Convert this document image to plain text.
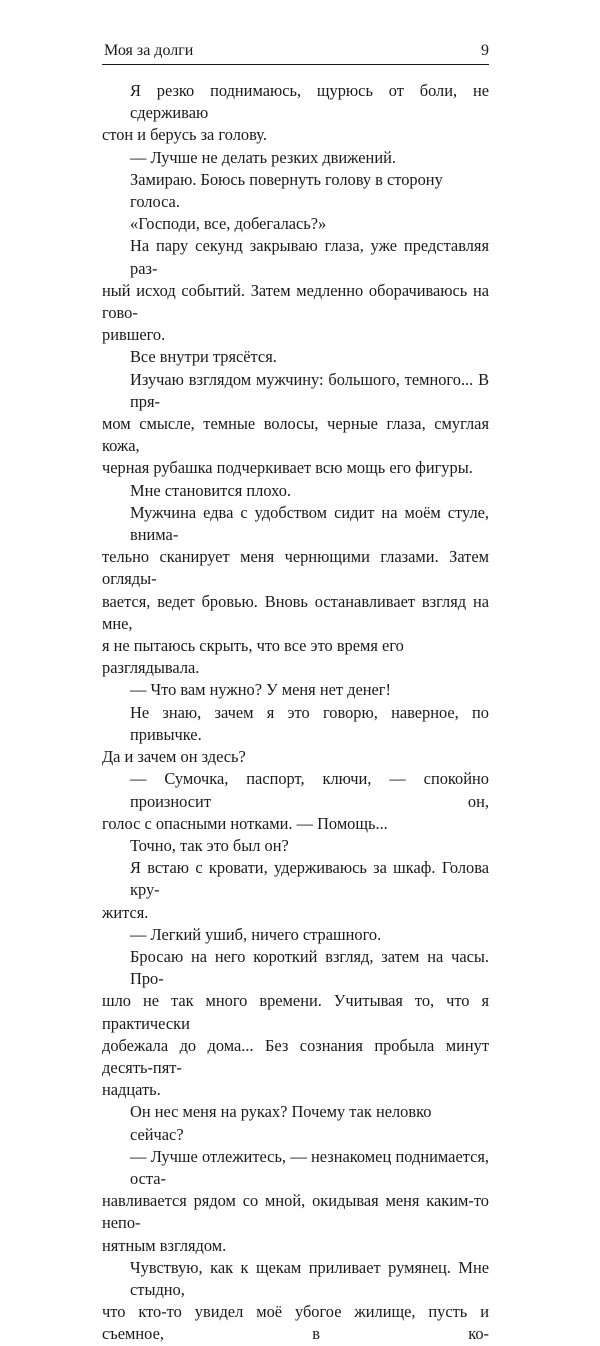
Моя за долги	9

Я резко поднимаюсь, щурюсь от боли, не сдерживаю

стон и берусь за голову.

— Лучше не делать резких движений.

Замираю. Боюсь повернуть голову в сторону голоса.

«Господи, все, добегалась?»

На пару секунд закрываю глаза, уже представляя раз-

ный исход событий. Затем медленно оборачиваюсь на гово-

рившего.

Все внутри трясётся.

Изучаю взглядом мужчину: большого, темного... В пря-

мом смысле, темные волосы, черные глаза, смуглая кожа,

черная рубашка подчеркивает всю мощь его фигуры.

Мне становится плохо.

Мужчина едва с удобством сидит на моём стуле, внима-

тельно сканирует меня чернющими глазами. Затем огляды-

вается, ведет бровью. Вновь останавливает взгляд на мне,

я не пытаюсь скрыть, что все это время его разглядывала.

— Что вам нужно? У меня нет денег!

Не знаю, зачем я это говорю, наверное, по привычке.

Да и зачем он здесь?

— Сумочка, паспорт, ключи, — спокойно произносит он,

голос с опасными нотками. — Помощь...

Точно, так это был он?

Я встаю с кровати, удерживаюсь за шкаф. Голова кру-

жится.

— Легкий ушиб, ничего страшного.

Бросаю на него короткий взгляд, затем на часы. Про-

шло не так много времени. Учитывая то, что я практически

добежала до дома... Без сознания пробыла минут десять-пят-

надцать.

Он нес меня на руках? Почему так неловко сейчас?

— Лучше отлежитесь, — незнакомец поднимается, оста-

навливается рядом со мной, окидывая меня каким-то непо-

нятным взглядом.

Чувствую, как к щекам приливает румянец. Мне стыдно,

что кто-то увидел моё убогое жилище, пусть и съемное, в ко-
